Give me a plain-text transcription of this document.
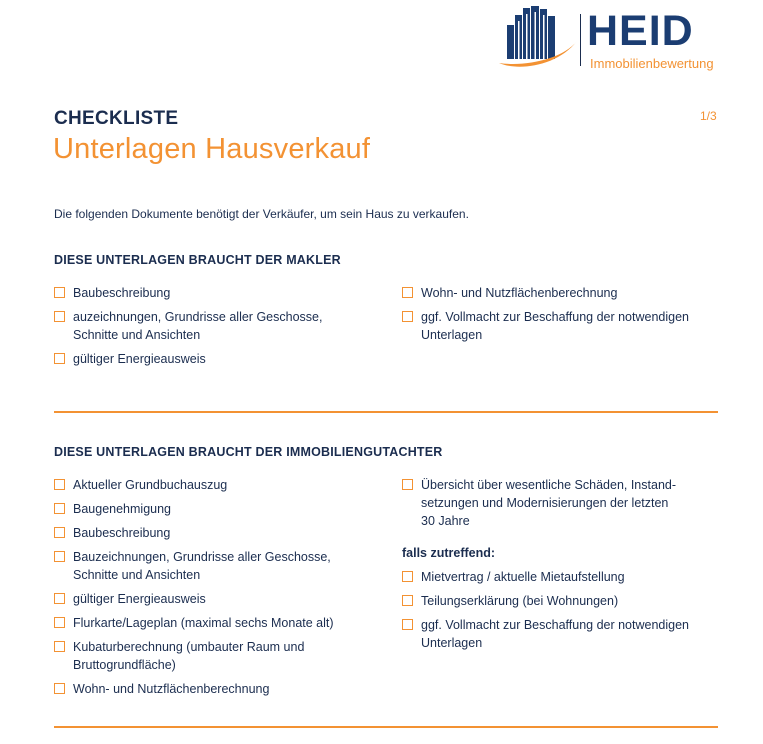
HEID
Immobilienbewertung
1/3
CHECKLISTE
Unterlagen Hausverkauf
Die folgenden Dokumente benötigt der Verkäufer, um sein Haus zu verkaufen.
DIESE UNTERLAGEN BRAUCHT DER MAKLER
Baubeschreibung
auzeichnungen, Grundrisse aller Geschosse,
Schnitte und Ansichten
gültiger Energieausweis
Wohn- und Nutzflächenberechnung
ggf. Vollmacht zur Beschaffung der notwendigen
Unterlagen
DIESE UNTERLAGEN BRAUCHT DER IMMOBILIENGUTACHTER
Aktueller Grundbuchauszug
Baugenehmigung
Baubeschreibung
Bauzeichnungen, Grundrisse aller Geschosse,
Schnitte und Ansichten
gültiger Energieausweis
Flurkarte/Lageplan (maximal sechs Monate alt)
Kubaturberechnung (umbauter Raum und
Bruttogrundfläche)
Wohn- und Nutzflächenberechnung
Übersicht über wesentliche Schäden, Instand-
setzungen und Modernisierungen der letzten
30 Jahre
falls zutreffend:
Mietvertrag / aktuelle Mietaufstellung
Teilungserklärung (bei Wohnungen)
ggf. Vollmacht zur Beschaffung der notwendigen
Unterlagen
